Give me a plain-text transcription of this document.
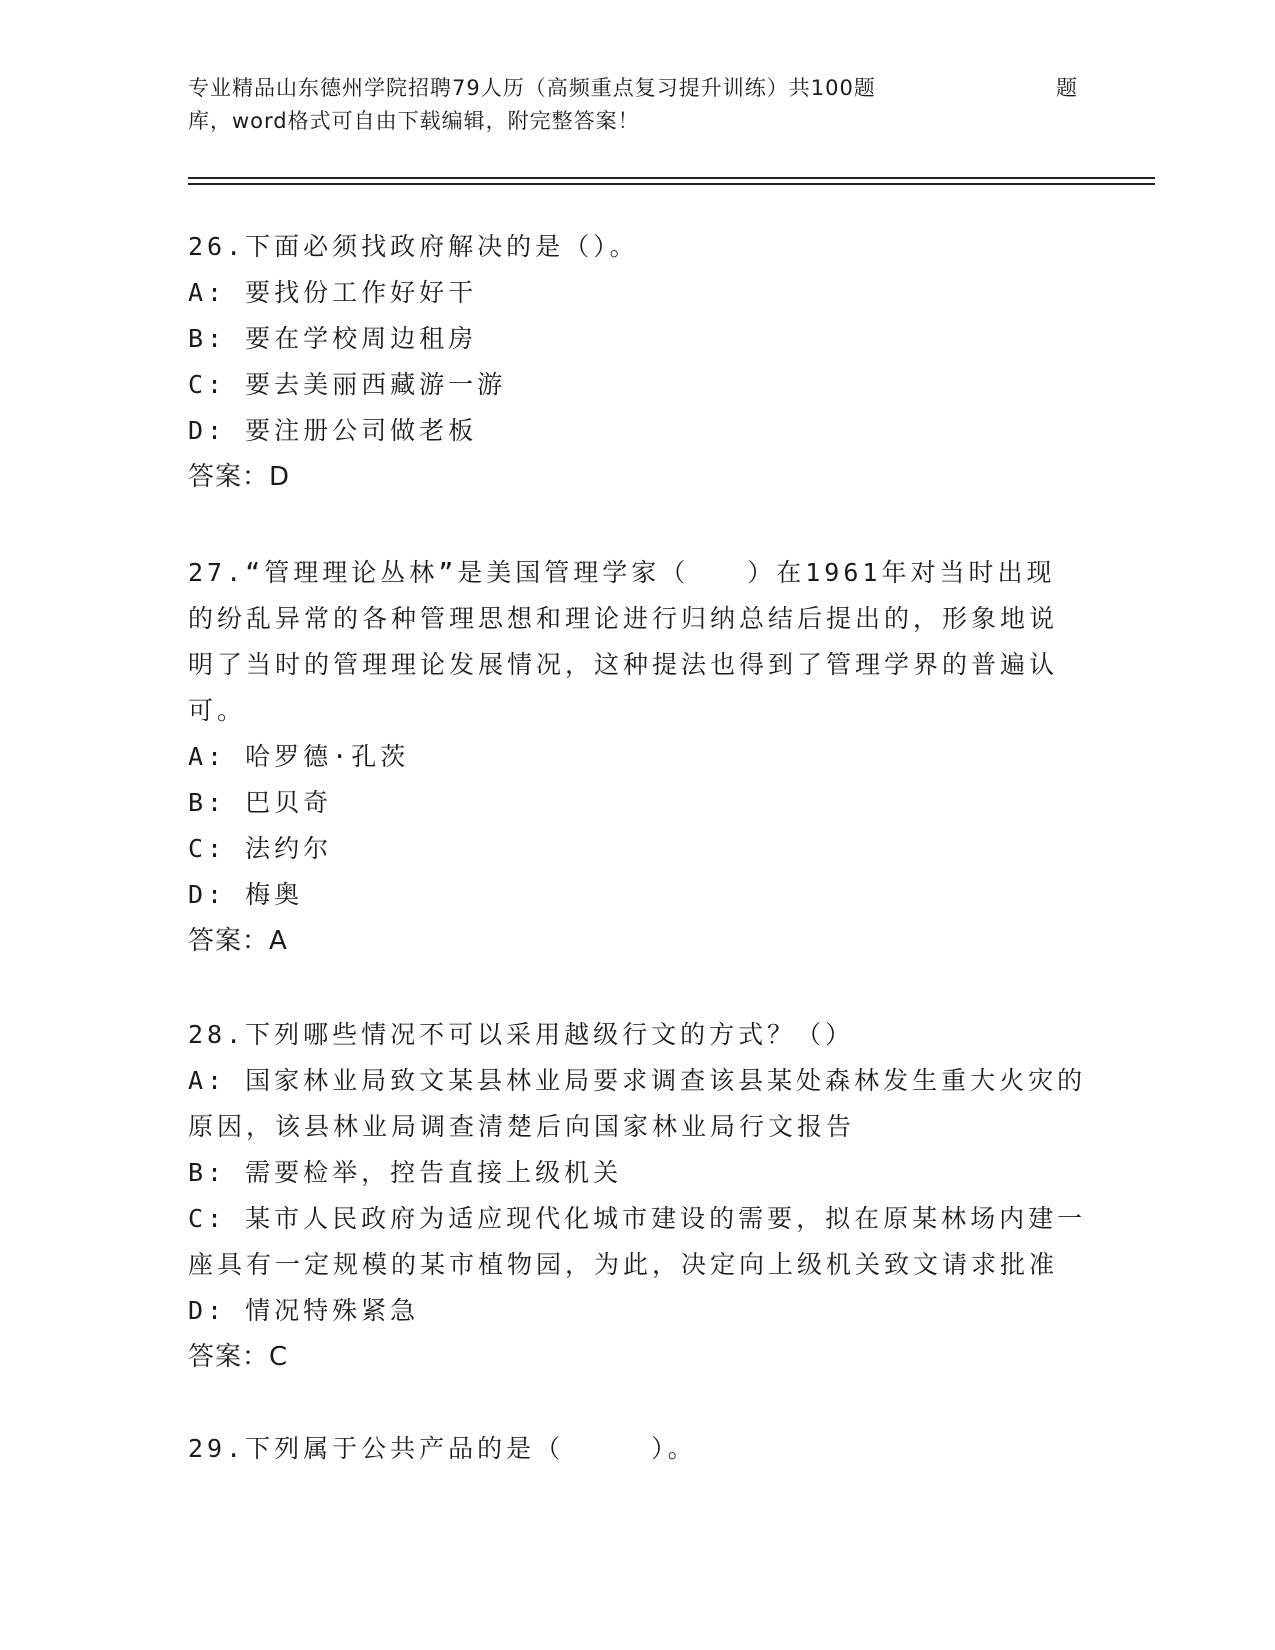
专业精品山东德州学院招聘79人历（高频重点复习提升训练）共100题	题
库，word格式可自由下载编辑，附完整答案！
26.下面必须找政府解决的是（）。
A: 要找份工作好好干
B: 要在学校周边租房
C: 要去美丽西藏游一游
D: 要注册公司做老板
答案：D
27.“管理理论丛林”是美国管理学家（　　）在1961年对当时出现
的纷乱异常的各种管理思想和理论进行归纳总结后提出的，形象地说
明了当时的管理理论发展情况，这种提法也得到了管理学界的普遍认
可。
A: 哈罗德·孔茨
B: 巴贝奇
C: 法约尔
D: 梅奥
答案：A
28.下列哪些情况不可以采用越级行文的方式？（）
A: 国家林业局致文某县林业局要求调查该县某处森林发生重大火灾的
原因，该县林业局调查清楚后向国家林业局行文报告
B: 需要检举，控告直接上级机关
C: 某市人民政府为适应现代化城市建设的需要，拟在原某林场内建一
座具有一定规模的某市植物园，为此，决定向上级机关致文请求批准
D: 情况特殊紧急
答案：C
29.下列属于公共产品的是（　　　）。
